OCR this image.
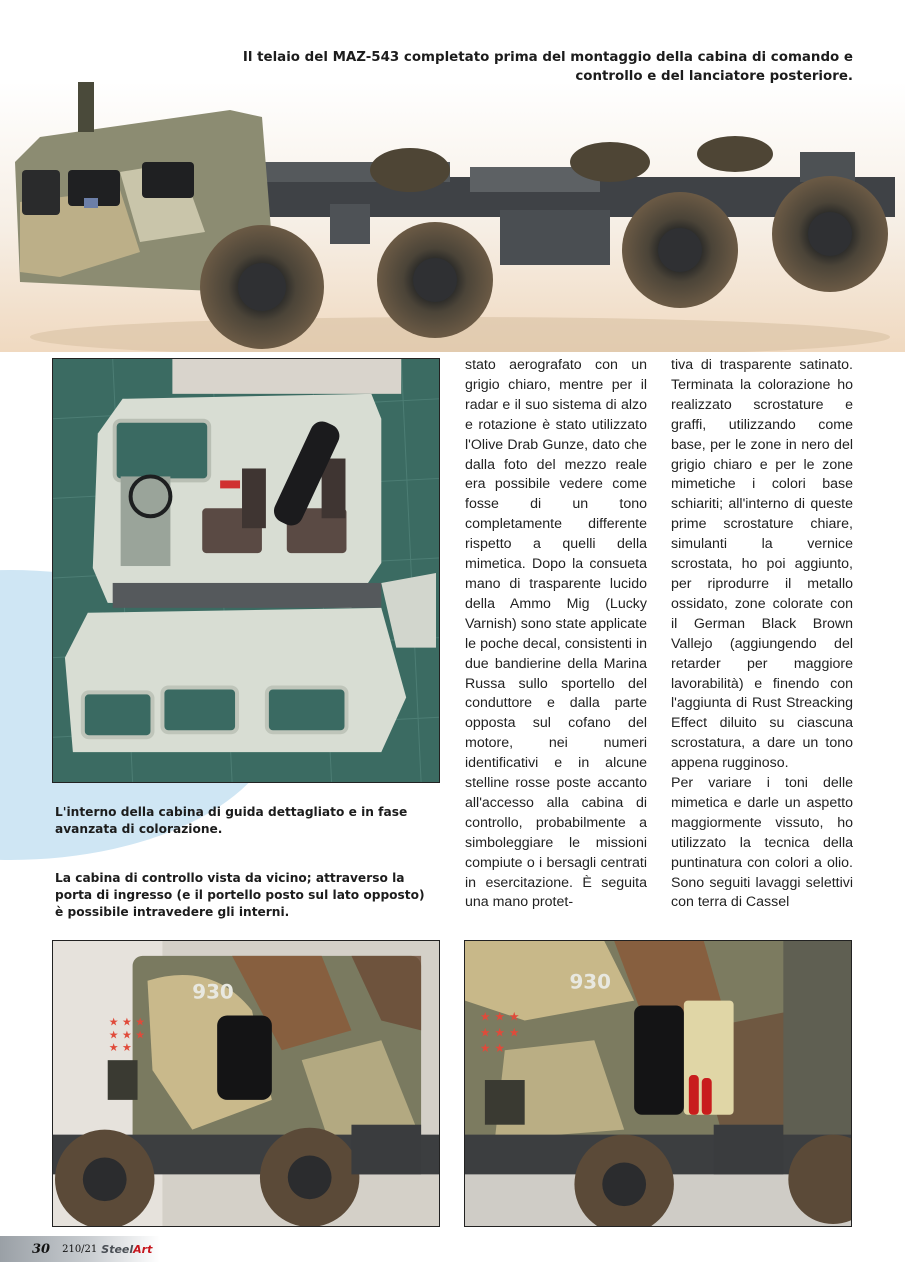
Il telaio del MAZ-543 completato prima del montaggio della cabina di comando e controllo e del lanciatore posteriore.
L'interno della cabina di guida dettagliato e in fase avanzata di colorazione.
La cabina di controllo vista da vicino; attraverso la porta di ingresso (e il portello posto sul lato opposto) è possibile intravedere gli interni.

stato aerografato con un grigio chiaro, mentre per il radar e il suo sistema di alzo e rotazione è stato utilizzato l'Olive Drab Gunze, dato che dalla foto del mezzo reale era possibile vedere come fosse di un tono completamente differente rispetto a quelli della mimetica. Dopo la consueta mano di trasparente lucido della Ammo Mig (Lucky Varnish) sono state applicate le poche decal, consistenti in due bandierine della Marina Russa sullo sportello del conduttore e dalla parte opposta sul cofano del motore, nei numeri identificativi e in alcune stelline rosse poste accanto all'accesso alla cabina di controllo, probabilmente a simboleggiare le missioni compiute o i bersagli centrati in esercitazione. È seguita una mano protet-

tiva di trasparente satinato. Terminata la colorazione ho realizzato scrostature e graffi, utilizzando come base, per le zone in nero del grigio chiaro e per le zone mimetiche i colori base schiariti; all'interno di queste prime scrostature chiare, simulanti la vernice scrostata, ho poi aggiunto, per riprodurre il metallo ossidato, zone colorate con il German Black Brown Vallejo (aggiungendo del retarder per maggiore lavorabilità) e finendo con l'aggiunta di Rust Streacking Effect diluito su ciascuna scrostatura, a dare un tono appena rugginoso.

Per variare i toni delle mimetica e darle un aspetto maggiormente vissuto, ho utilizzato la tecnica della puntinatura con colori a olio. Sono seguiti lavaggi selettivi con terra di Cassel

930
★ ★ ★
★ ★ ★
★ ★
930
★ ★ ★
★ ★ ★
★ ★
30 210/21 SteelArt
